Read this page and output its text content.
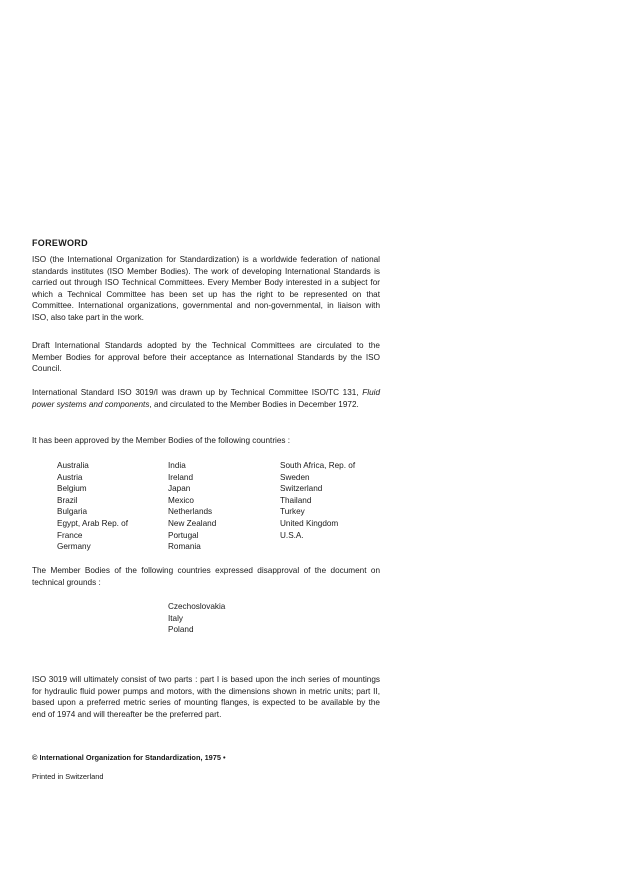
FOREWORD
ISO (the International Organization for Standardization) is a worldwide federation of national standards institutes (ISO Member Bodies). The work of developing International Standards is carried out through ISO Technical Committees. Every Member Body interested in a subject for which a Technical Committee has been set up has the right to be represented on that Committee. International organizations, governmental and non-governmental, in liaison with ISO, also take part in the work.
Draft International Standards adopted by the Technical Committees are circulated to the Member Bodies for approval before their acceptance as International Standards by the ISO Council.
International Standard ISO 3019/I was drawn up by Technical Committee ISO/TC 131, Fluid power systems and components, and circulated to the Member Bodies in December 1972.
It has been approved by the Member Bodies of the following countries :
Australia
Austria
Belgium
Brazil
Bulgaria
Egypt, Arab Rep. of
France
Germany
India
Ireland
Japan
Mexico
Netherlands
New Zealand
Portugal
Romania
South Africa, Rep. of
Sweden
Switzerland
Thailand
Turkey
United Kingdom
U.S.A.
The Member Bodies of the following countries expressed disapproval of the document on technical grounds :
Czechoslovakia
Italy
Poland
ISO 3019 will ultimately consist of two parts : part I is based upon the inch series of mountings for hydraulic fluid power pumps and motors, with the dimensions shown in metric units; part II, based upon a preferred metric series of mounting flanges, is expected to be available by the end of 1974 and will thereafter be the preferred part.
© International Organization for Standardization, 1975 •
Printed in Switzerland
